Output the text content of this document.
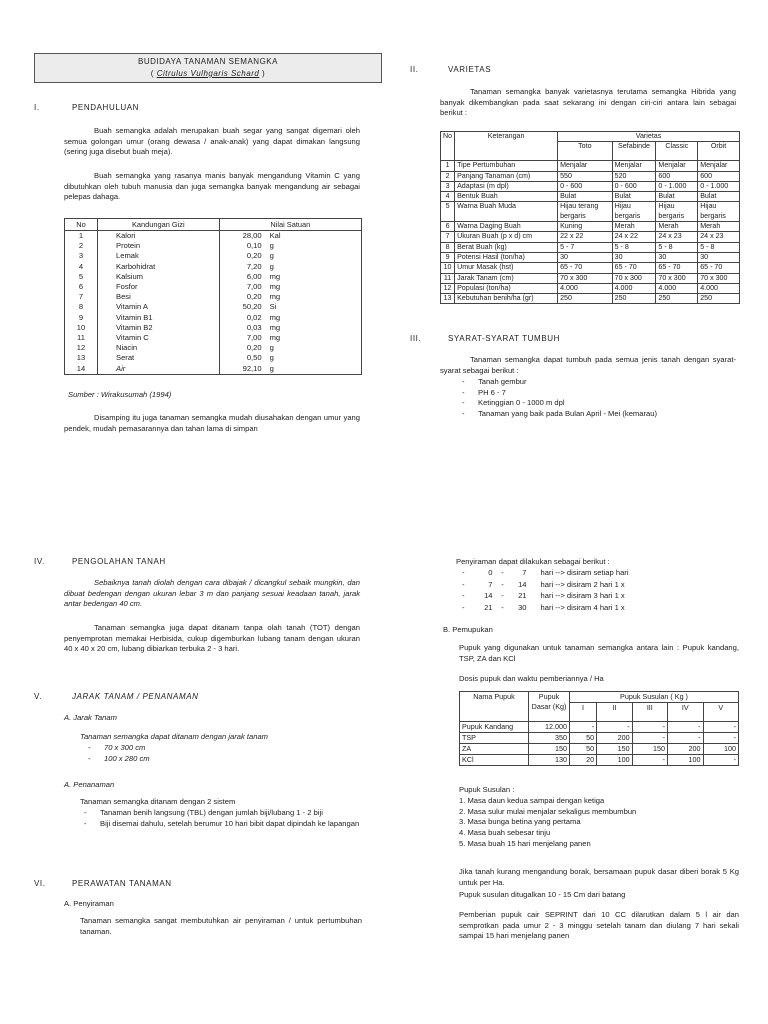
BUDIDAYA TANAMAN SEMANGKA
( Citrulus Vulhgaris Schard )
I.	PENDAHULUAN

Buah semangka adalah merupakan buah segar yang sangat digemari oleh semua golongan umur (orang dewasa / anak-anak) yang dapat dimakan langsung (sering juga disebut buah meja).

Buah semangka yang rasanya manis banyak mengandung Vitamin C yang dibutuhkan oleh tubuh manusia dan juga semangka banyak mengandung air sebagai pelepas dahaga.

No	Kandungan Gizi	Nilai Satuan	
1	Kalori	28,00	Kal
2	Protein	0,10	g
3	Lemak	0,20	g
4	Karbohidrat	7,20	g
5	Kalsium	6,00	mg
6	Fosfor	7,00	mg
7	Besi	0,20	mg
8	Vitamin A	50,20	Si
9	Vitamin B1	0,02	mg
10	Vitamin B2	0,03	mg
11	Vitamin C	7,00	mg
12	Niacin	0,20	g
13	Serat	0,50	g
14	Air	92,10	g
Sumber : Wirakusumah (1994)

Disamping itu juga tanaman semangka mudah diusahakan dengan umur yang pendek, mudah pemasarannya dan tahan lama di simpan

II.	VARIETAS

Tanaman semangka banyak varietasnya terutama semangka Hibrida yang banyak dikembangkan pada saat sekarang ini dengan ciri-ciri antara lain sebagai berikut :

No	Keterangan	Varietas			
		Toto	Sefabinde	Classic	Orbit
1	Tipe Pertumbuhan	Menjalar	Menjalar	Menjalar	Menjalar
2	Panjang Tanaman (cm)	550	520	600	600
3	Adaptasi (m dpl)	0 - 600	0 - 600	0 - 1.000	0 - 1.000
4	Bentuk Buah	Bulat	Bulat	Bulat	Bulat
5	Warna Buah Muda	Hijau terang bergaris	Hijau bergaris	Hijau bergaris	Hijau bergaris
6	Warna Daging Buah	Kuning	Merah	Merah	Merah
7	Ukuran Buah (p x d) cm	22 x 22	24 x 22	24 x 23	24 x 23
8	Berat Buah (kg)	5 - 7	5 - 8	5 - 8	5 - 8
9	Potensi Hasil (ton/ha)	30	30	30	30
10	Umur Masak (hst)	65 - 70	65 - 70	65 - 70	65 - 70
11	Jarak Tanam (cm)	70 x 300	70 x 300	70 x 300	70 x 300
12	Populasi (ton/ha)	4.000	4.000	4.000	4.000
13	Kebutuhan benih/ha (gr)	250	250	250	250
III.	SYARAT-SYARAT TUMBUH

Tanaman semangka dapat tumbuh pada semua jenis tanah dengan syarat-syarat sebagai berikut :

- Tanah gembur
- PH 6 - 7
- Ketinggian 0 - 1000 m dpl
- Tanaman yang baik pada Bulan April - Mei (kemarau)
IV.	PENGOLAHAN TANAH

Sebaiknya tanah diolah dengan cara dibajak / dicangkul sebaik mungkin, dan dibuat bedengan dengan ukuran lebar 3 m dan panjang sesuai keadaan tanah, jarak antar bedengan 40 cm.

Tanaman semangka juga dapat ditanam tanpa olah tanah (TOT) dengan penyemprotan memakai Herbisida, cukup digemburkan lubang tanam dengan ukuran 40 x 40 x 20 cm, lubang dibiarkan terbuka 2 - 3 hari.

V.	JARAK TANAM / PENANAMAN
A. Jarak Tanam
Tanaman semangka dapat ditanam dengan jarak tanam
- 70 x 300 cm
- 100 x 280 cm
A. Penanaman
Tanaman semangka ditanam dengan 2 sistem
- Tanaman benih langsung (TBL) dengan jumlah biji/lubang 1 - 2 biji
- Biji disemai dahulu, setelah berumur 10 hari bibit dapat dipindah ke lapangan
VI.	PERAWATAN TANAMAN
A. Penyiraman

Tanaman semangka sangat membutuhkan air penyiraman / untuk pertumbuhan tanaman.

Penyiraman dapat dilakukan sebagai berikut :
-	0	-	7	hari --> disiram setiap hari
-	7	-	14	hari --> disiram 2 hari 1 x
-	14	-	21	hari --> disiram 3 hari 1 x
-	21	-	30	hari --> disiram 4 hari 1 x
B. Pemupukan

Pupuk yang digunakan untuk tanaman semangka antara lain : Pupuk kandang, TSP, ZA dan KCl

Dosis pupuk dan waktu pemberiannya / Ha
Nama Pupuk	Pupuk Dasar (Kg)	Pupuk Susulan ( Kg )				
		I	II	III	IV	V
Pupuk Kandang	12.000	-	-	-	-	-
TSP	350	50	200	-	-	-
ZA	150	50	150	150	200	100
KCl	130	20	100	-	100	-
Pupuk Susulan :
1. Masa daun kedua sampai dengan ketiga
2. Masa sulur mulai menjalar sekaligus membumbun
3. Masa bunga betina yang pertama
4. Masa buah sebesar tinju
5. Masa buah 15 hari menjelang panen

Jika tanah kurang mengandung borak, bersamaan pupuk dasar diberi borak 5 Kg untuk per Ha.

Pupuk susulan ditugalkan 10 - 15 Cm dari batang

Pemberian pupuk cair SEPRINT dari 10 CC dilarutkan dalam 5 l air dan semprotkan pada umur 2 - 3 minggu setelah tanam dan diulang 7 hari sekali sampai 15 hari menjelang panen
